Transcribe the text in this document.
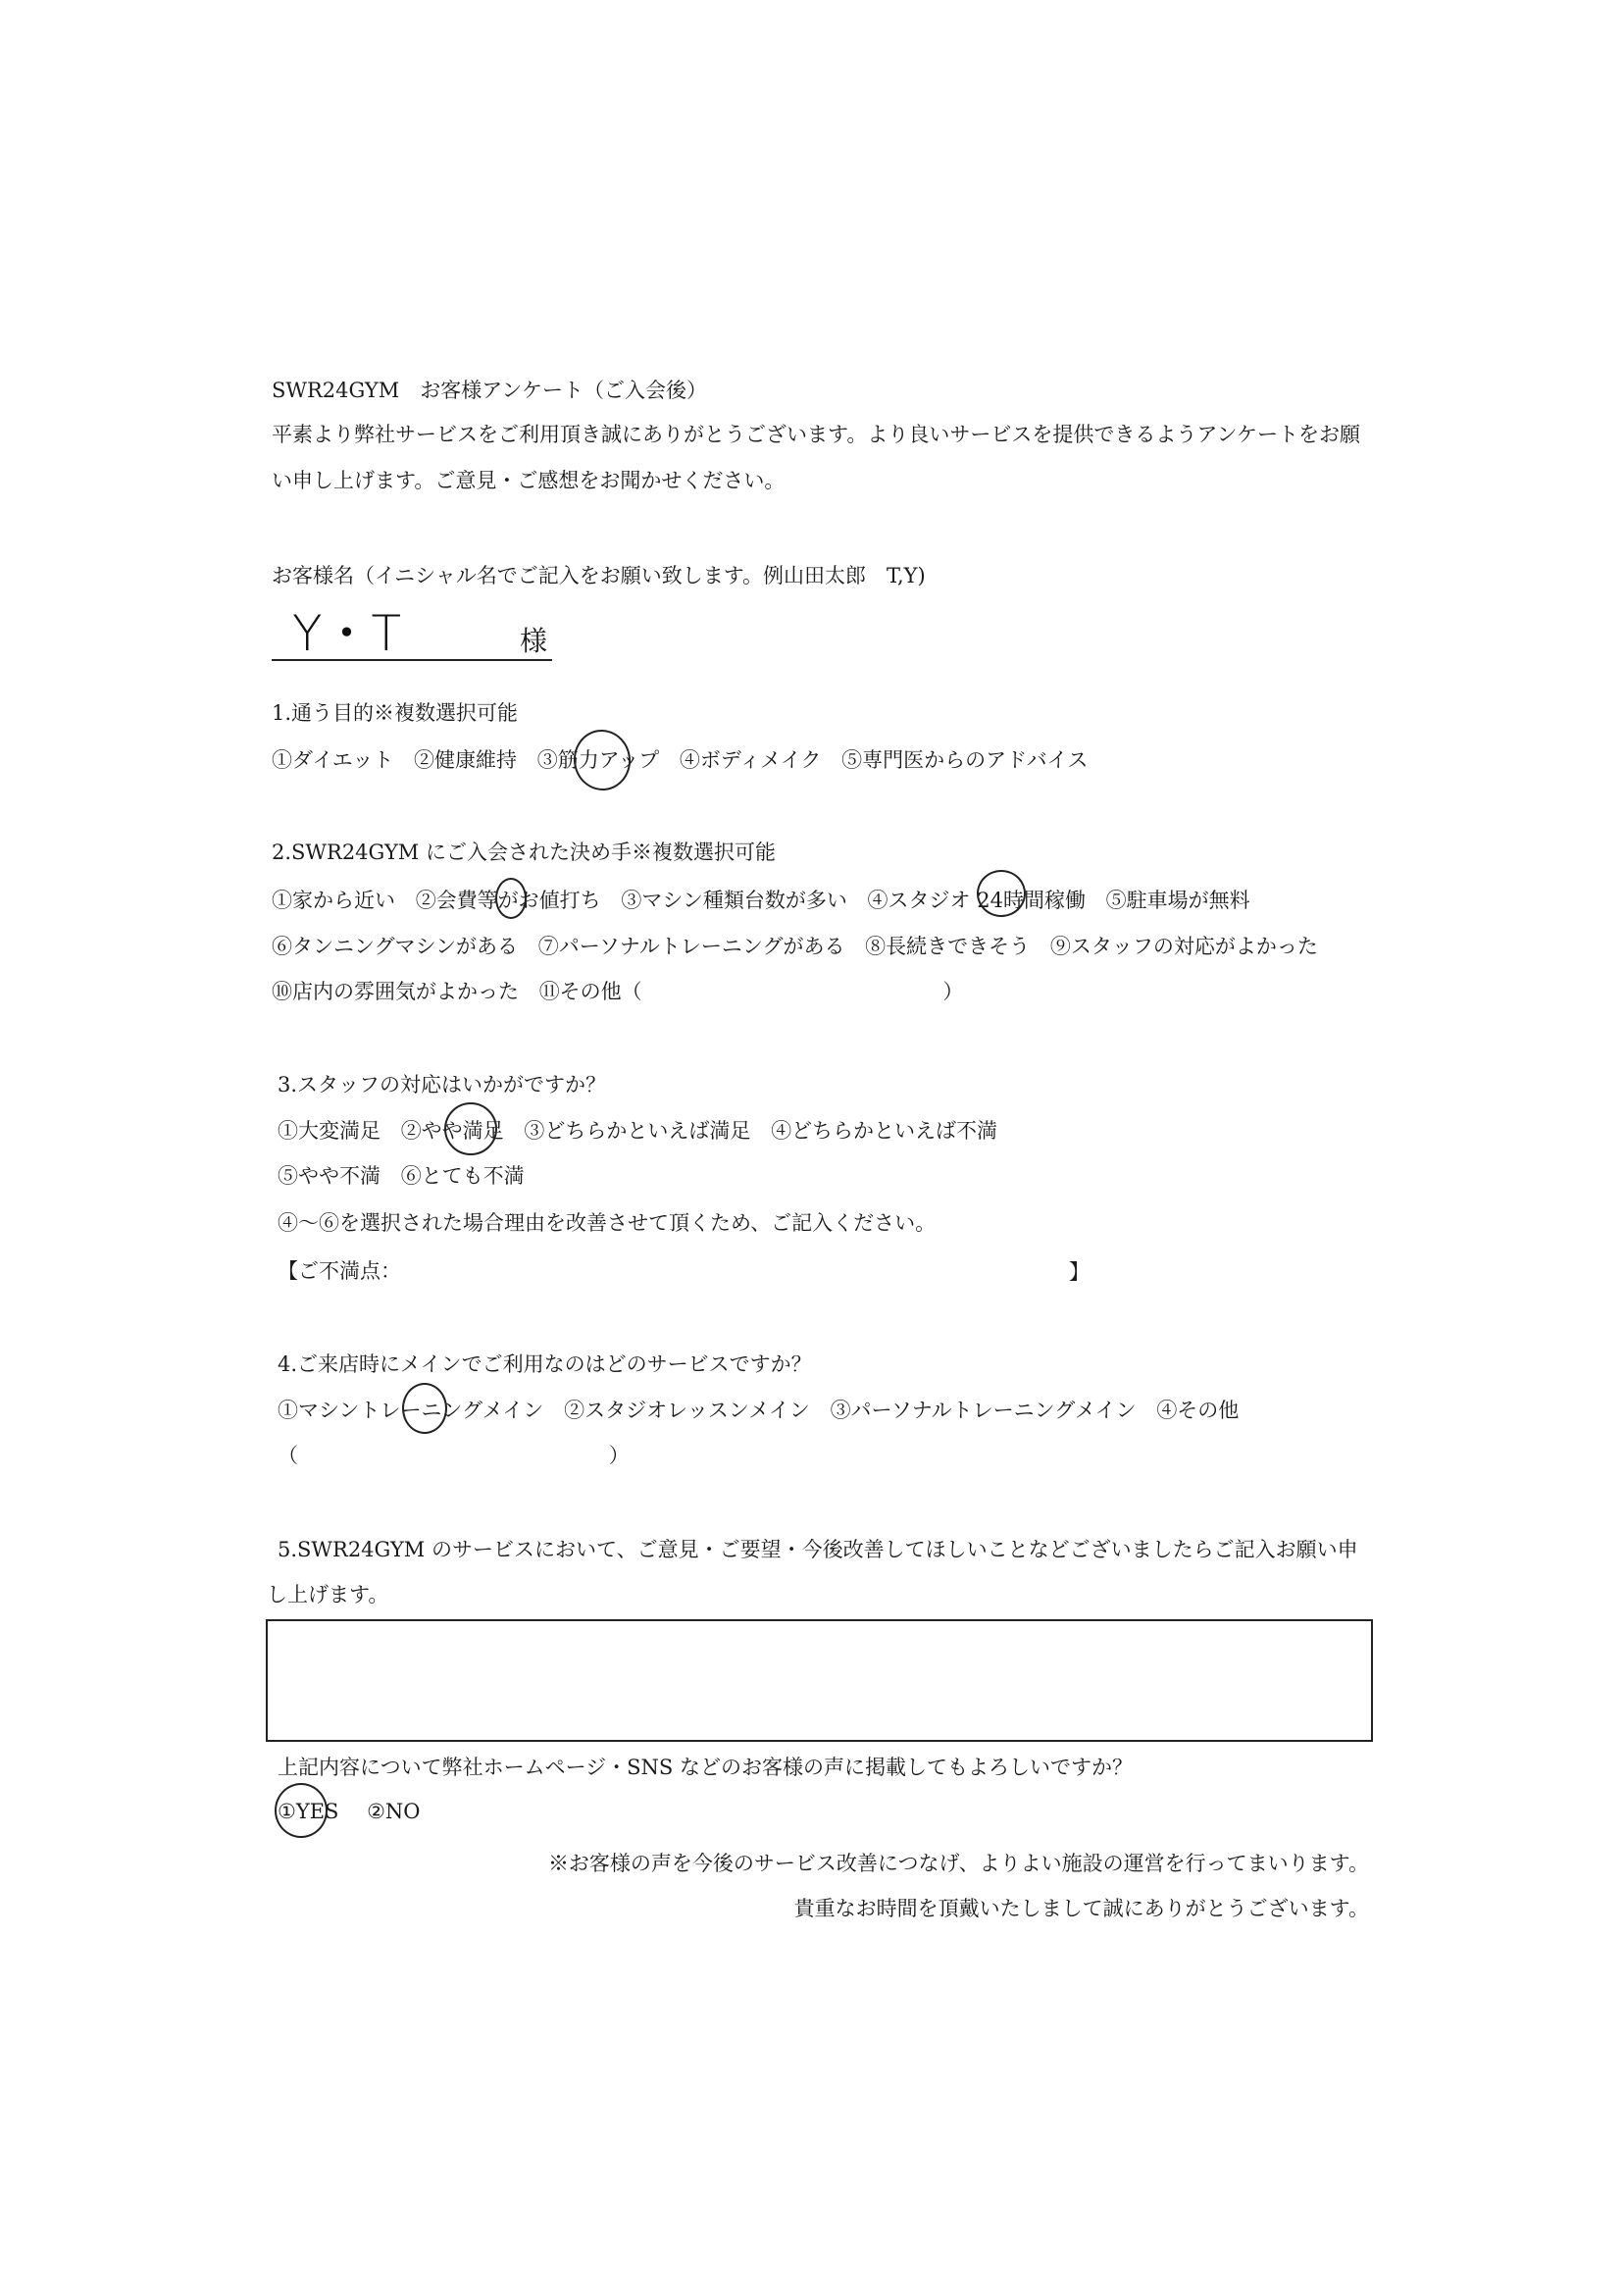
SWR24GYM　お客様アンケート（ご入会後）
平素より弊社サービスをご利用頂き誠にありがとうございます。より良いサービスを提供できるようアンケートをお願
い申し上げます。ご意見・ご感想をお聞かせください。
お客様名（イニシャル名でご記入をお願い致します。例山田太郎　T,Y)
Y・T	様
1.通う目的※複数選択可能
①ダイエット ②健康維持 ③筋力アップ ④ボディメイク ⑤専門医からのアドバイス
2.SWR24GYM にご入会された決め手※複数選択可能
①家から近い ②会費等がお値打ち ③マシン種類台数が多い ④スタジオ 24時間稼働 ⑤駐車場が無料
⑥タンニングマシンがある ⑦パーソナルトレーニングがある ⑧長続きできそう ⑨スタッフの対応がよかった
⑩店内の雰囲気がよかった ⑪その他（	）
3.スタッフの対応はいかがですか？
①大変満足 ②やや満足 ③どちらかといえば満足 ④どちらかといえば不満
⑤やや不満 ⑥とても不満
④～⑥を選択された場合理由を改善させて頂くため、ご記入ください。
【ご不満点：	】
4.ご来店時にメインでご利用なのはどのサービスですか？
①マシントレーニングメイン ②スタジオレッスンメイン ③パーソナルトレーニングメイン ④その他
（	）
5.SWR24GYM のサービスにおいて、ご意見・ご要望・今後改善してほしいことなどございましたらご記入お願い申
し上げます。
上記内容について弊社ホームページ・SNS などのお客様の声に掲載してもよろしいですか？
①YES ②NO
※お客様の声を今後のサービス改善につなげ、よりよい施設の運営を行ってまいります。
貴重なお時間を頂戴いたしまして誠にありがとうございます。
